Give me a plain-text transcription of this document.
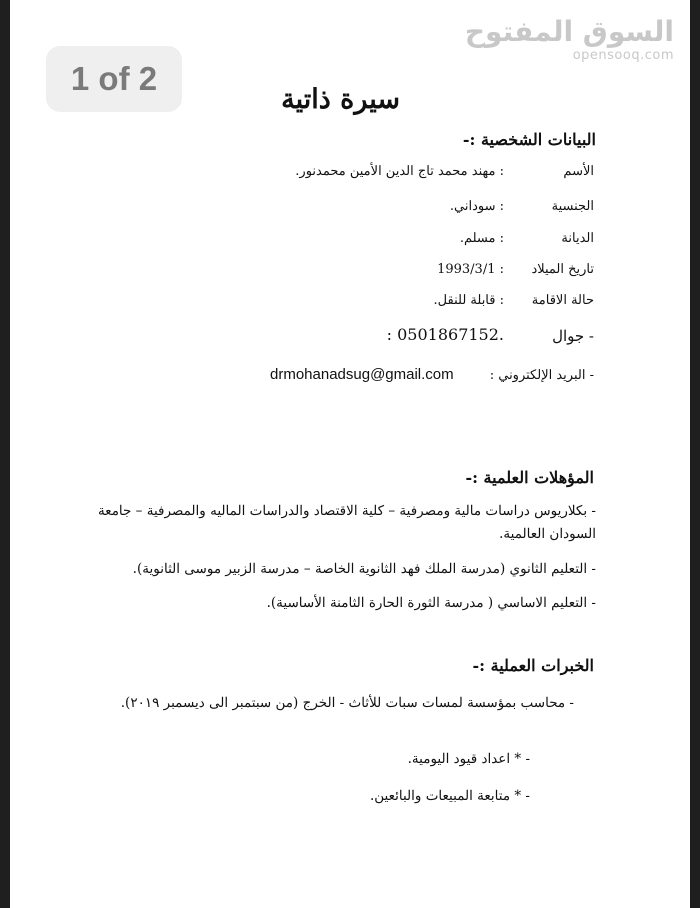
1 of 2
السوق المفتوح
opensooq.com
سيرة ذاتية
البيانات الشخصية :-
الأسم
: مهند محمد تاج الدين الأمين محمدنور.
الجنسية
: سوداني.
الديانة
: مسلم.
تاريخ الميلاد
1993/3/1 :
حالة الاقامة
: قابلة للنقل.
- جوال
: 0501867152.
- البريد الإلكتروني :
drmohanadsug@gmail.com
المؤهلات العلمية :-
- بكلاريوس دراسات مالية ومصرفية – كلية الاقتصاد والدراسات الماليه والمصرفية – جامعة السودان العالمية.
- التعليم الثانوي (مدرسة الملك فهد الثانوية الخاصة – مدرسة الزبير موسى الثانوية).
- التعليم الاساسي ( مدرسة الثورة الحارة الثامنة الأساسية).
الخبرات العملية :-
- محاسب بمؤسسة لمسات سبات للأثاث - الخرج (من سبتمبر الى ديسمبر ٢٠١٩).
- * اعداد قيود اليومية.
- * متابعة المبيعات والبائعين.
